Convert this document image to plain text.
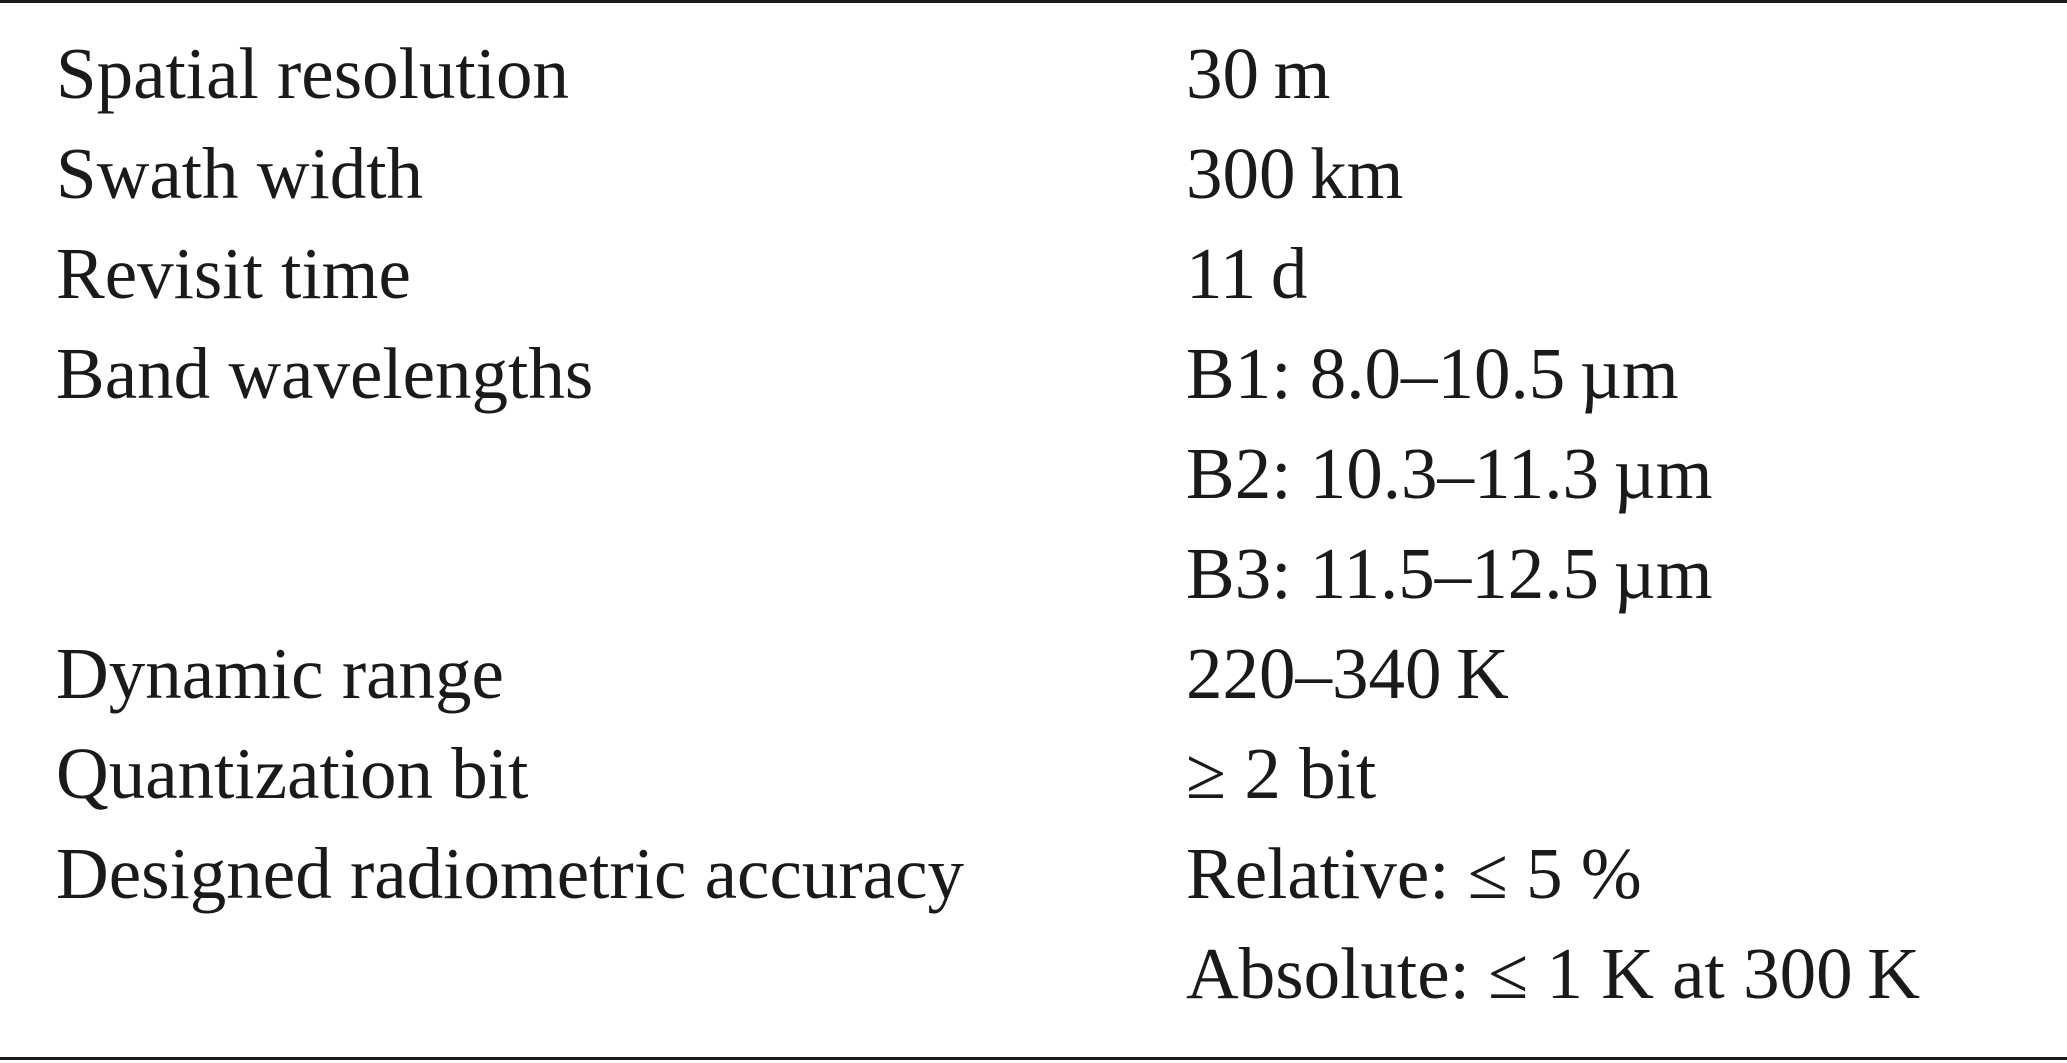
Spatial resolution	30 m
Swath width	300 km
Revisit time	11 d
Band wavelengths	B1: 8.0–10.5 µm
B2: 10.3–11.3 µm
B3: 11.5–12.5 µm
Dynamic range	220–340 K
Quantization bit	≥ 2 bit
Designed radiometric accuracy	Relative: ≤ 5 %
Absolute: ≤ 1 K at 300 K
